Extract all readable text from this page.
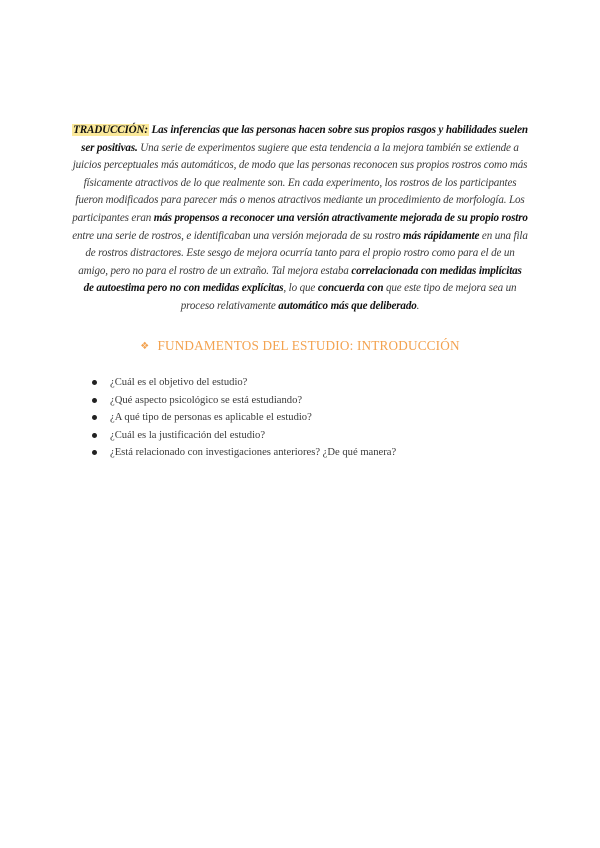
TRADUCCIÓN: Las inferencias que las personas hacen sobre sus propios rasgos y habilidades suelen ser positivas. Una serie de experimentos sugiere que esta tendencia a la mejora también se extiende a juicios perceptuales más automáticos, de modo que las personas reconocen sus propios rostros como más físicamente atractivos de lo que realmente son. En cada experimento, los rostros de los participantes fueron modificados para parecer más o menos atractivos mediante un procedimiento de morfología. Los participantes eran más propensos a reconocer una versión atractivamente mejorada de su propio rostro entre una serie de rostros, e identificaban una versión mejorada de su rostro más rápidamente en una fila de rostros distractores. Este sesgo de mejora ocurría tanto para el propio rostro como para el de un amigo, pero no para el rostro de un extraño. Tal mejora estaba correlacionada con medidas implícitas de autoestima pero no con medidas explícitas, lo que concuerda con que este tipo de mejora sea un proceso relativamente automático más que deliberado.

❖ FUNDAMENTOS DEL ESTUDIO: INTRODUCCIÓN
¿Cuál es el objetivo del estudio?
¿Qué aspecto psicológico se está estudiando?
¿A qué tipo de personas es aplicable el estudio?
¿Cuál es la justificación del estudio?
¿Está relacionado con investigaciones anteriores? ¿De qué manera?
